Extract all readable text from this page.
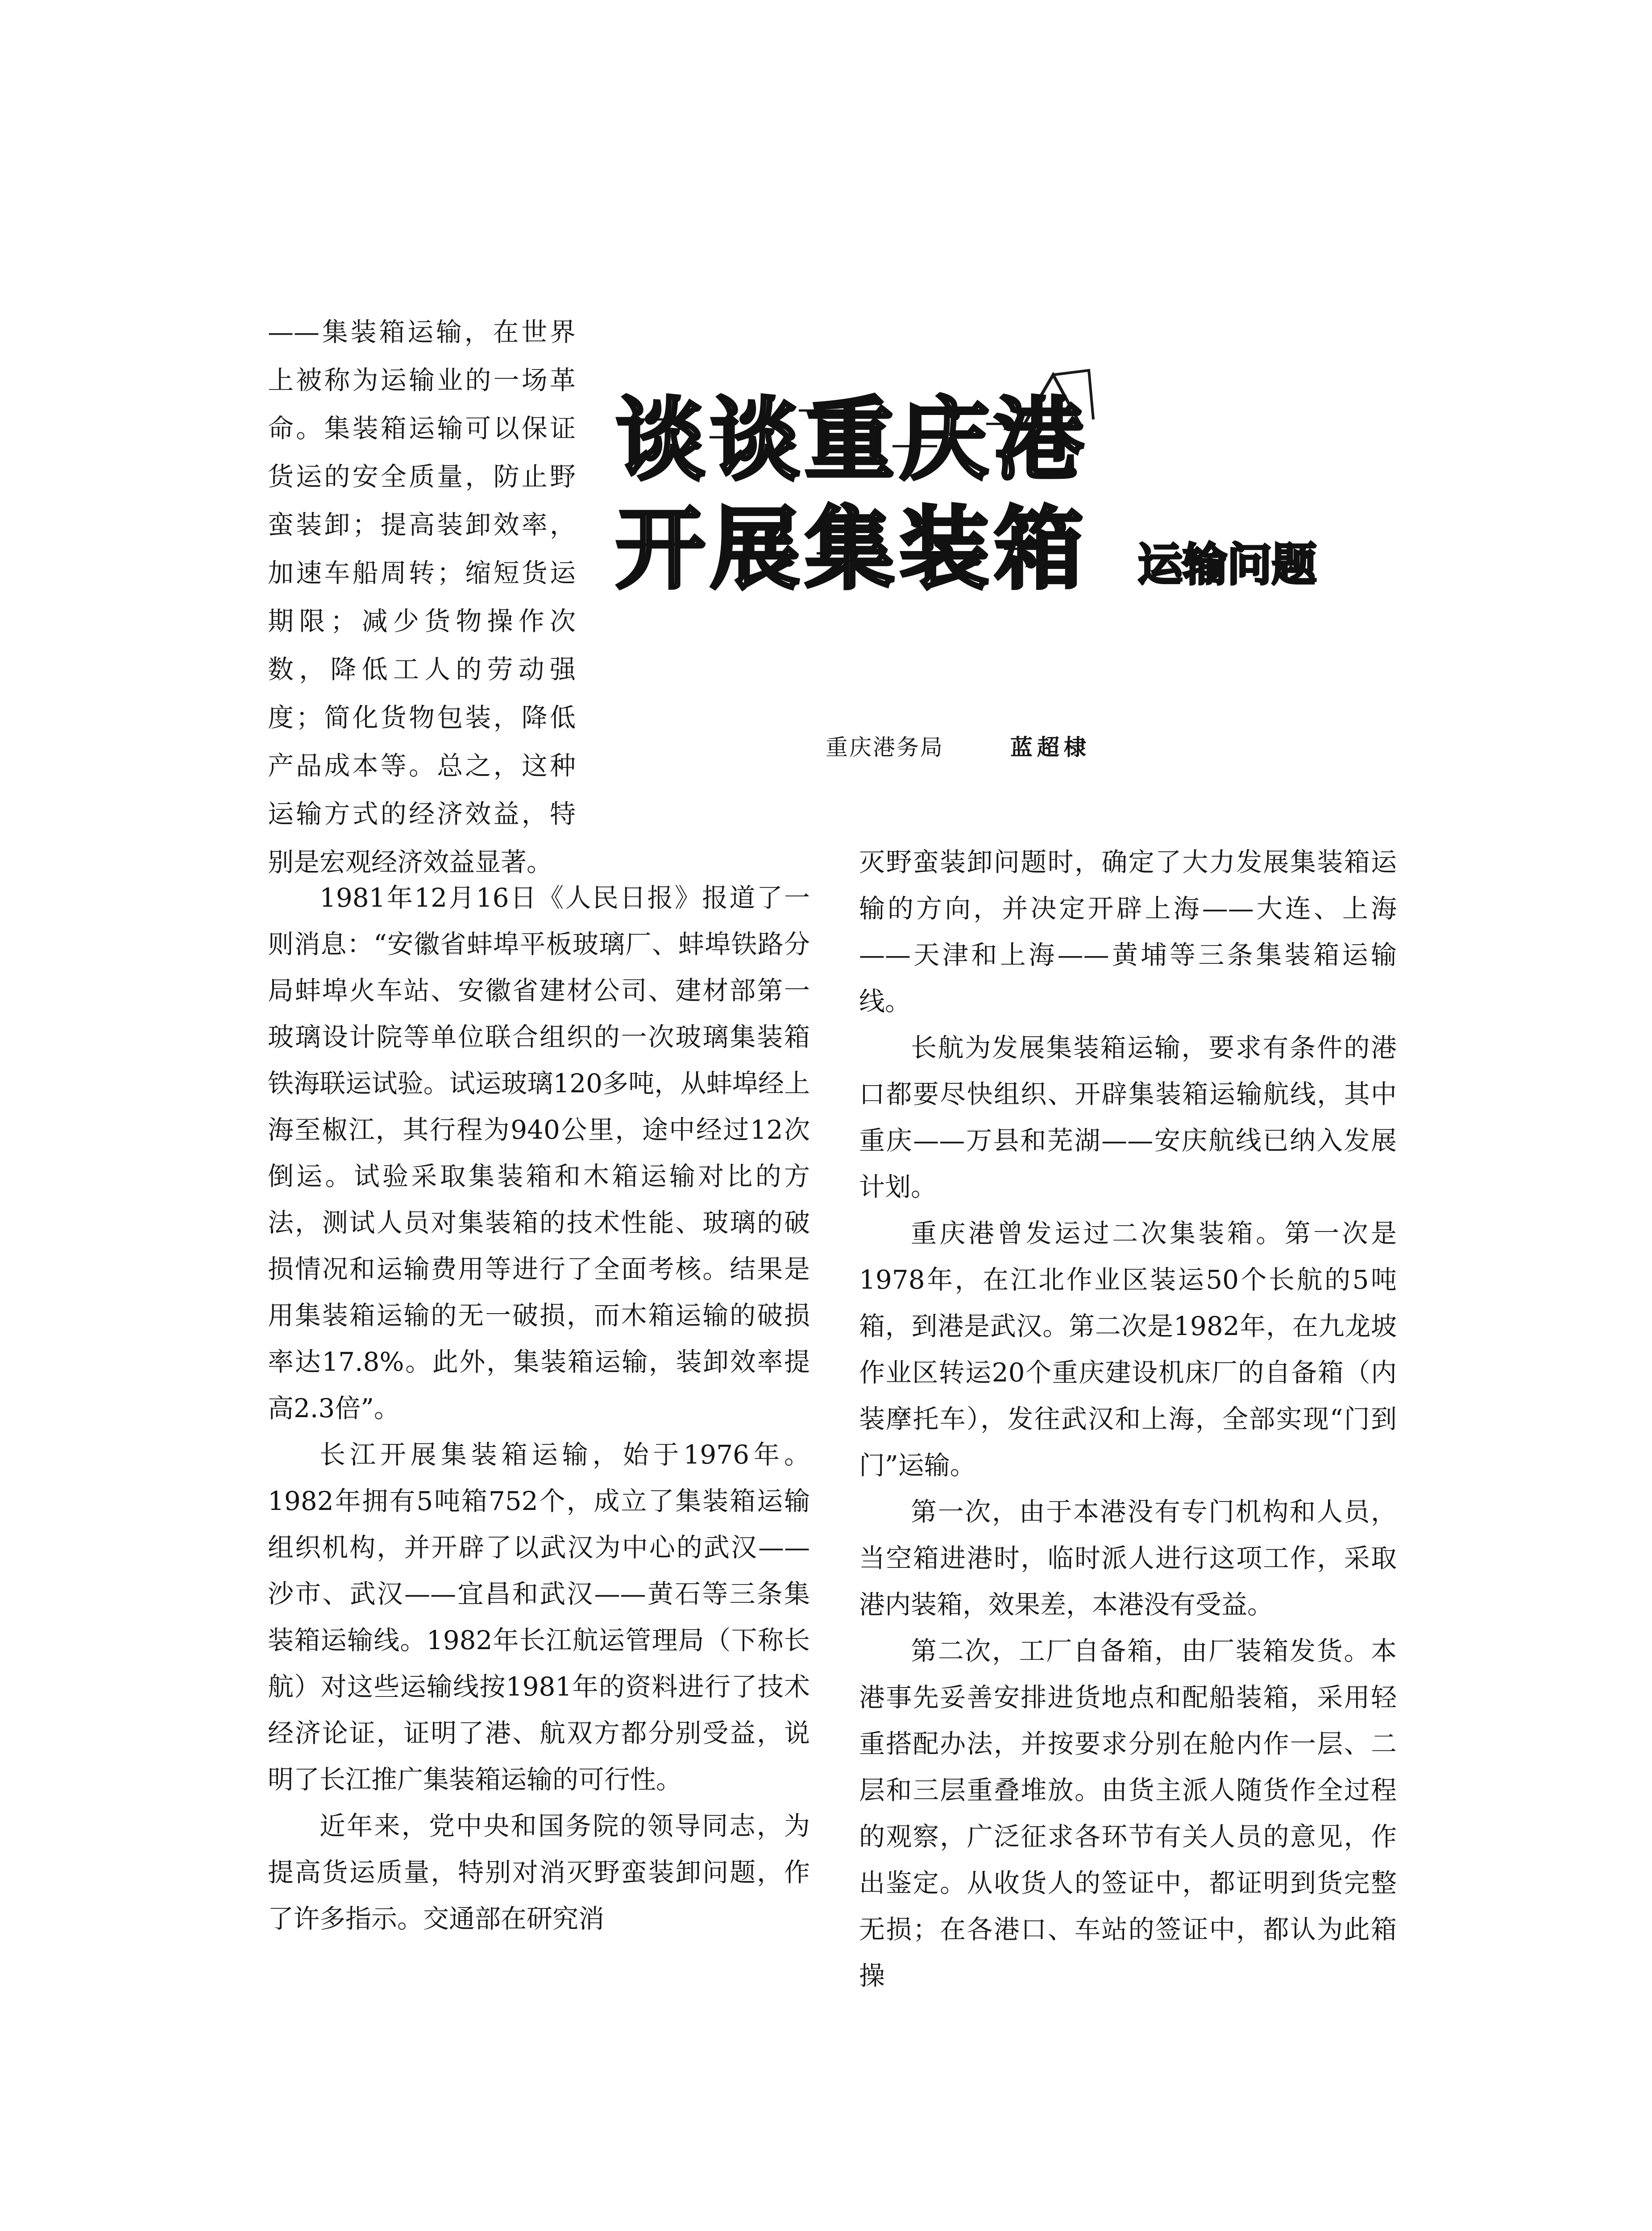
谈谈重庆港
开展集装箱 运输问题
重庆港务局	蓝超棣

——集装箱运输，在世界上被称为运输业的一场革命。集装箱运输可以保证货运的安全质量，防止野蛮装卸；提高装卸效率，加速车船周转；缩短货运期限；减少货物操作次数，降低工人的劳动强度；简化货物包装，降低产品成本等。总之，这种运输方式的经济效益，特别是宏观经济效益显著。

1981年12月16日《人民日报》报道了一则消息：“安徽省蚌埠平板玻璃厂、蚌埠铁路分局蚌埠火车站、安徽省建材公司、建材部第一玻璃设计院等单位联合组织的一次玻璃集装箱铁海联运试验。试运玻璃120多吨，从蚌埠经上海至椒江，其行程为940公里，途中经过12次倒运。试验采取集装箱和木箱运输对比的方法，测试人员对集装箱的技术性能、玻璃的破损情况和运输费用等进行了全面考核。结果是用集装箱运输的无一破损，而木箱运输的破损率达17.8%。此外，集装箱运输，装卸效率提高2.3倍”。

长江开展集装箱运输，始于1976年。1982年拥有5吨箱752个，成立了集装箱运输组织机构，并开辟了以武汉为中心的武汉——沙市、武汉——宜昌和武汉——黄石等三条集装箱运输线。1982年长江航运管理局（下称长航）对这些运输线按1981年的资料进行了技术经济论证，证明了港、航双方都分别受益，说明了长江推广集装箱运输的可行性。

近年来，党中央和国务院的领导同志，为提高货运质量，特别对消灭野蛮装卸问题，作了许多指示。交通部在研究消

灭野蛮装卸问题时，确定了大力发展集装箱运输的方向，并决定开辟上海——大连、上海——天津和上海——黄埔等三条集装箱运输线。

长航为发展集装箱运输，要求有条件的港口都要尽快组织、开辟集装箱运输航线，其中重庆——万县和芜湖——安庆航线已纳入发展计划。

重庆港曾发运过二次集装箱。第一次是1978年，在江北作业区装运50个长航的5吨箱，到港是武汉。第二次是1982年，在九龙坡作业区转运20个重庆建设机床厂的自备箱（内装摩托车），发往武汉和上海，全部实现“门到门”运输。

第一次，由于本港没有专门机构和人员，当空箱进港时，临时派人进行这项工作，采取港内装箱，效果差，本港没有受益。

第二次，工厂自备箱，由厂装箱发货。本港事先妥善安排进货地点和配船装箱，采用轻重搭配办法，并按要求分别在舱内作一层、二层和三层重叠堆放。由货主派人随货作全过程的观察，广泛征求各环节有关人员的意见，作出鉴定。从收货人的签证中，都证明到货完整无损；在各港口、车站的签证中，都认为此箱操
